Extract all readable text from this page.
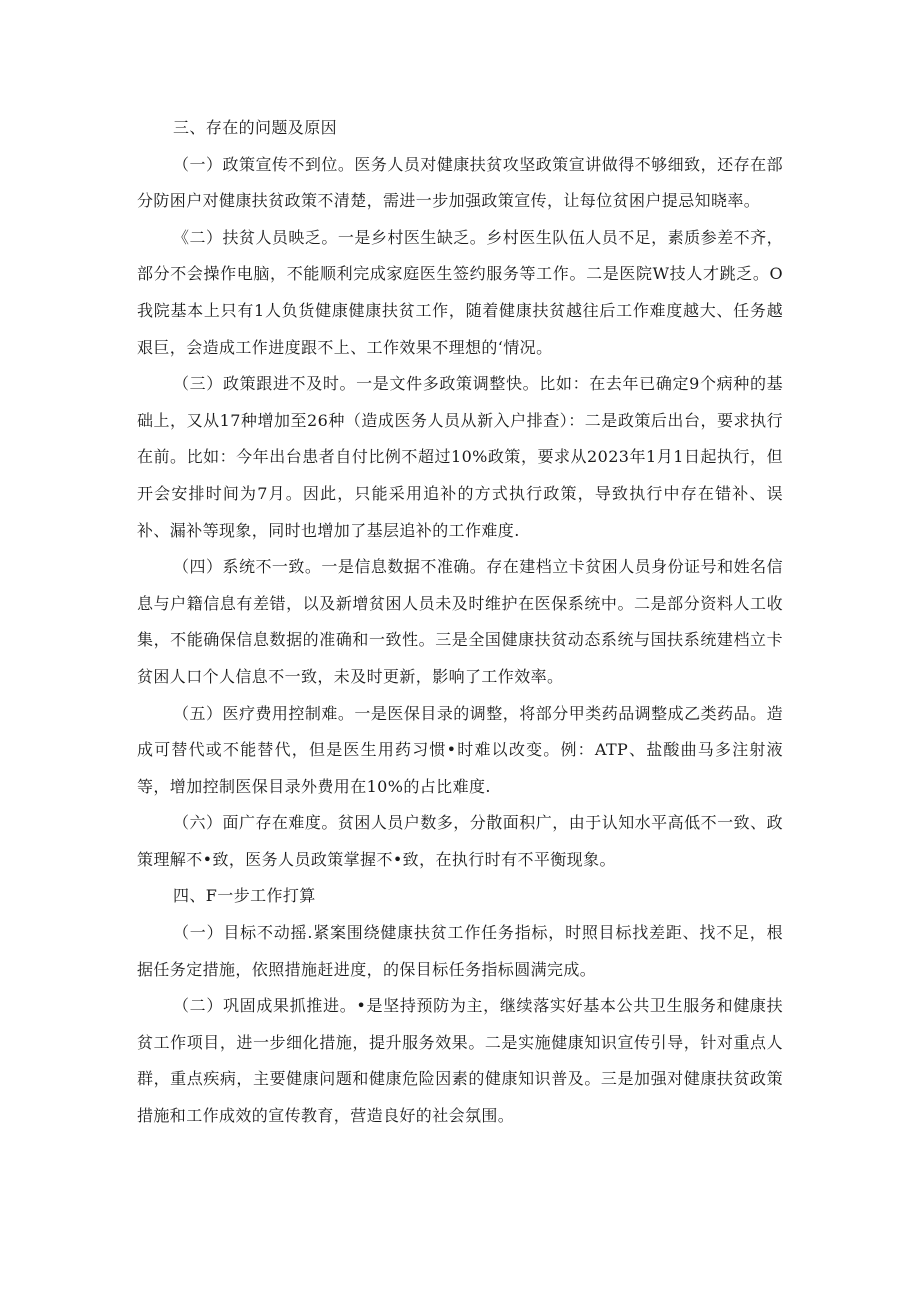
三、存在的问题及原因

（一）政策宣传不到位。医务人员对健康扶贫攻坚政策宣讲做得不够细致，还存在部分防困户对健康扶贫政策不清楚，需进一步加强政策宣传，让每位贫困户提忌知晓率。

《二）扶贫人员映乏。一是乡村医生缺乏。乡村医生队伍人员不足，素质参差不齐，部分不会操作电脑，不能顺利完成家庭医生签约服务等工作。二是医院W技人才跳乏。O我院基本上只有1人负货健康健康扶贫工作，随着健康扶贫越往后工作难度越大、任务越艰巨，会造成工作进度跟不上、工作效果不理想的‘情况。

（三）政策跟进不及时。一是文件多政策调整快。比如：在去年已确定9个病种的基础上，又从17种增加至26种（造成医务人员从新入户排查）：二是政策后出台，要求执行在前。比如：今年出台患者自付比例不超过10%政策，要求从2023年1月1日起执行，但开会安排时间为7月。因此，只能采用追补的方式执行政策，导致执行中存在错补、误补、漏补等现象，同时也增加了基层追补的工作难度.

（四）系统不一致。一是信息数据不准确。存在建档立卡贫困人员身份证号和姓名信息与户籍信息有差错，以及新增贫困人员未及时维护在医保系统中。二是部分资料人工收集，不能确保信息数据的准确和一致性。三是全国健康扶贫动态系统与国扶系统建档立卡贫困人口个人信息不一致，未及时更新，影响了工作效率。

（五）医疗费用控制难。一是医保目录的调整，将部分甲类药品调整成乙类药品。造成可替代或不能替代，但是医生用药习惯•时难以改变。例：ATP、盐酸曲马多注射液等，增加控制医保目录外费用在10%的占比难度.

（六）面广存在难度。贫困人员户数多，分散面积广，由于认知水平高低不一致、政策理解不•致，医务人员政策掌握不•致，在执行时有不平衡现象。

四、F一步工作打算

（一）目标不动摇.紧案围绕健康扶贫工作任务指标，时照目标找差距、找不足，根据任务定措施，依照措施赶进度，的保目标任务指标圆满完成。

（二）巩固成果抓推进。•是坚持预防为主，继续落实好基本公共卫生服务和健康扶贫工作项目，进一步细化措施，提升服务效果。二是实施健康知识宣传引导，针对重点人群，重点疾病，主要健康问题和健康危险因素的健康知识普及。三是加强对健康扶贫政策措施和工作成效的宣传教育，营造良好的社会氛围。
